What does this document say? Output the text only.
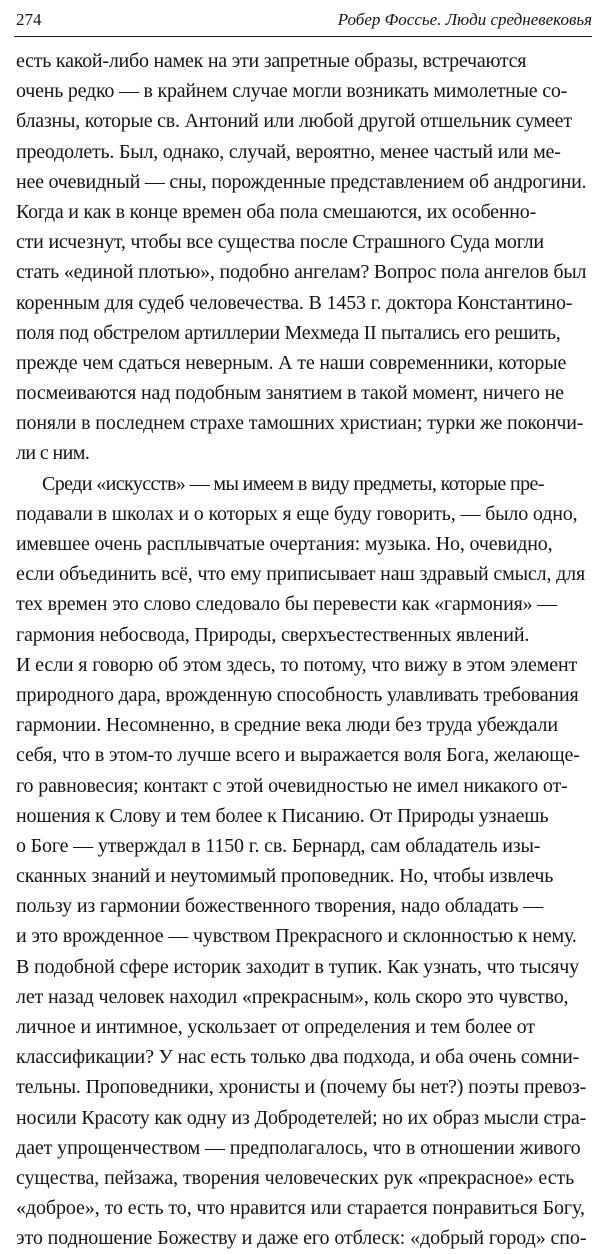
274	Робер Фоссье. Люди средневековья
есть какой-либо намек на эти запретные образы, встречаются
очень редко — в крайнем случае могли возникать мимолетные со-
блазны, которые св. Антоний или любой другой отшельник сумеет
преодолеть. Был, однако, случай, вероятно, менее частый или ме-
нее очевидный — сны, порожденные представлением об андрогини.
Когда и как в конце времен оба пола смешаются, их особенно-
сти исчезнут, чтобы все существа после Страшного Суда могли
стать «единой плотью», подобно ангелам? Вопрос пола ангелов был
коренным для судеб человечества. В 1453 г. доктора Константино-
поля под обстрелом артиллерии Мехмеда II пытались его решить,
прежде чем сдаться неверным. А те наши современники, которые
посмеиваются над подобным занятием в такой момент, ничего не
поняли в последнем страхе тамошних христиан; турки же покончи-
ли с ним.
Среди «искусств» — мы имеем в виду предметы, которые пре-
подавали в школах и о которых я еще буду говорить, — было одно,
имевшее очень расплывчатые очертания: музыка. Но, очевидно,
если объединить всё, что ему приписывает наш здравый смысл, для
тех времен это слово следовало бы перевести как «гармония» —
гармония небосвода, Природы, сверхъестественных явлений.
И если я говорю об этом здесь, то потому, что вижу в этом элемент
природного дара, врожденную способность улавливать требования
гармонии. Несомненно, в средние века люди без труда убеждали
себя, что в этом-то лучше всего и выражается воля Бога, желающе-
го равновесия; контакт с этой очевидностью не имел никакого от-
ношения к Слову и тем более к Писанию. От Природы узнаешь
о Боге — утверждал в 1150 г. св. Бернард, сам обладатель изы-
сканных знаний и неутомимый проповедник. Но, чтобы извлечь
пользу из гармонии божественного творения, надо обладать —
и это врожденное — чувством Прекрасного и склонностью к нему.
В подобной сфере историк заходит в тупик. Как узнать, что тысячу
лет назад человек находил «прекрасным», коль скоро это чувство,
личное и интимное, ускользает от определения и тем более от
классификации? У нас есть только два подхода, и оба очень сомни-
тельны. Проповедники, хронисты и (почему бы нет?) поэты превоз-
носили Красоту как одну из Добродетелей; но их образ мысли стра-
дает упрощенчеством — предполагалось, что в отношении живого
существа, пейзажа, творения человеческих рук «прекрасное» есть
«доброе», то есть то, что нравится или старается понравиться Богу,
это подношение Божеству и даже его отблеск: «добрый город» спо-
